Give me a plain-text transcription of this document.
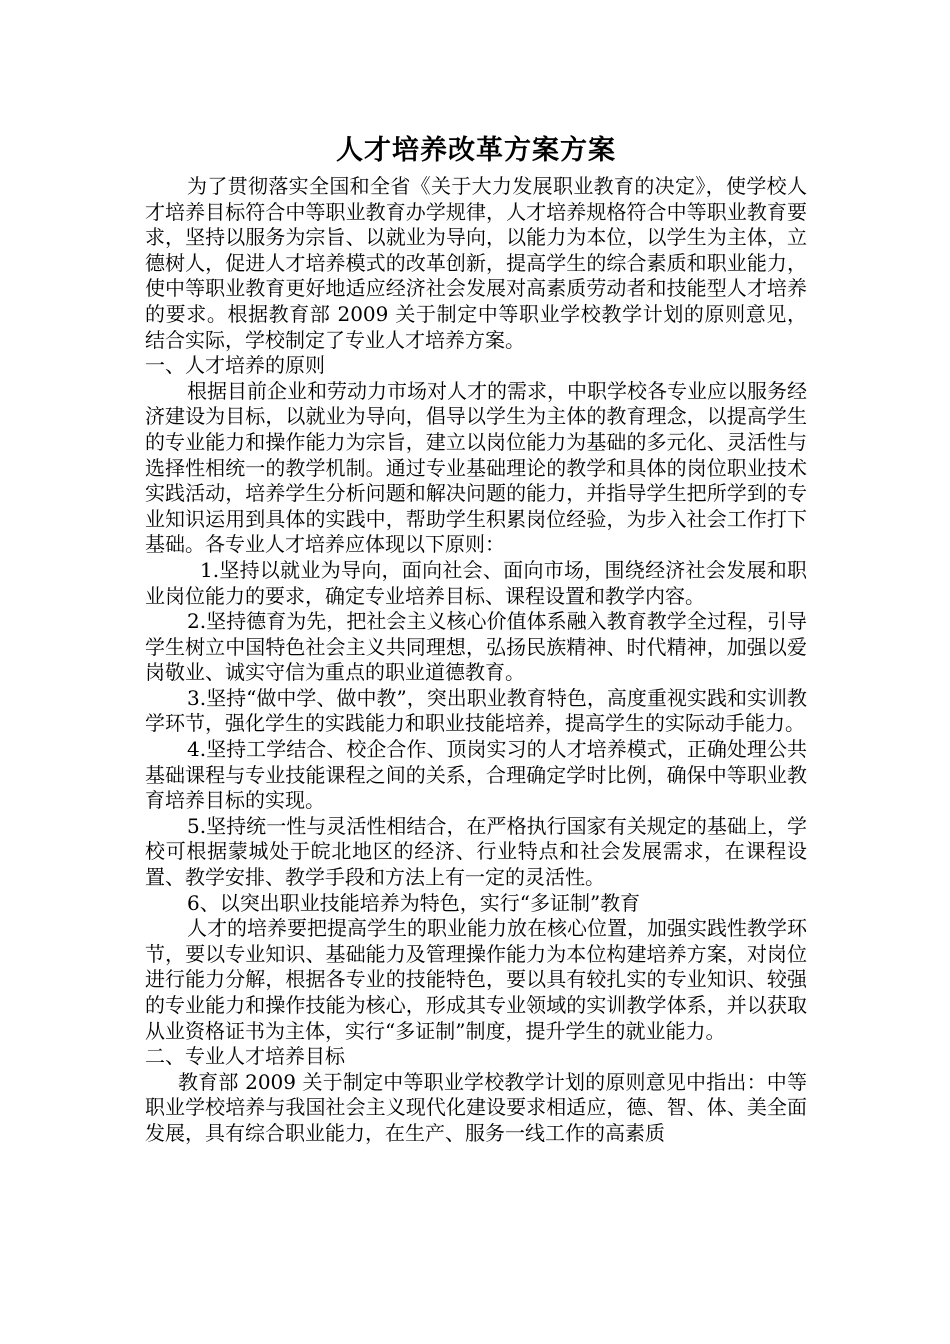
人才培养改革方案方案

为了贯彻落实全国和全省《关于大力发展职业教育的决定》，使学校人才培养目标符合中等职业教育办学规律，人才培养规格符合中等职业教育要求，坚持以服务为宗旨、以就业为导向，以能力为本位，以学生为主体，立德树人，促进人才培养模式的改革创新，提高学生的综合素质和职业能力，使中等职业教育更好地适应经济社会发展对高素质劳动者和技能型人才培养的要求。根据教育部 2009 关于制定中等职业学校教学计划的原则意见，结合实际，学校制定了专业人才培养方案。

一、人才培养的原则

根据目前企业和劳动力市场对人才的需求，中职学校各专业应以服务经济建设为目标，以就业为导向，倡导以学生为主体的教育理念，以提高学生的专业能力和操作能力为宗旨，建立以岗位能力为基础的多元化、灵活性与选择性相统一的教学机制。通过专业基础理论的教学和具体的岗位职业技术实践活动，培养学生分析问题和解决问题的能力，并指导学生把所学到的专业知识运用到具体的实践中，帮助学生积累岗位经验，为步入社会工作打下基础。各专业人才培养应体现以下原则：

1.坚持以就业为导向，面向社会、面向市场，围绕经济社会发展和职业岗位能力的要求，确定专业培养目标、课程设置和教学内容。

2.坚持德育为先，把社会主义核心价值体系融入教育教学全过程，引导学生树立中国特色社会主义共同理想，弘扬民族精神、时代精神，加强以爱岗敬业、诚实守信为重点的职业道德教育。

3.坚持“做中学、做中教”，突出职业教育特色，高度重视实践和实训教学环节，强化学生的实践能力和职业技能培养，提高学生的实际动手能力。

4.坚持工学结合、校企合作、顶岗实习的人才培养模式，正确处理公共基础课程与专业技能课程之间的关系，合理确定学时比例，确保中等职业教育培养目标的实现。

5.坚持统一性与灵活性相结合，在严格执行国家有关规定的基础上，学校可根据蒙城处于皖北地区的经济、行业特点和社会发展需求，在课程设置、教学安排、教学手段和方法上有一定的灵活性。

6、以突出职业技能培养为特色，实行“多证制”教育

人才的培养要把提高学生的职业能力放在核心位置，加强实践性教学环节，要以专业知识、基础能力及管理操作能力为本位构建培养方案，对岗位进行能力分解，根据各专业的技能特色，要以具有较扎实的专业知识、较强的专业能力和操作技能为核心，形成其专业领域的实训教学体系，并以获取从业资格证书为主体，实行“多证制”制度，提升学生的就业能力。

二、专业人才培养目标

教育部 2009 关于制定中等职业学校教学计划的原则意见中指出：中等职业学校培养与我国社会主义现代化建设要求相适应，德、智、体、美全面发展，具有综合职业能力，在生产、服务一线工作的高素质
